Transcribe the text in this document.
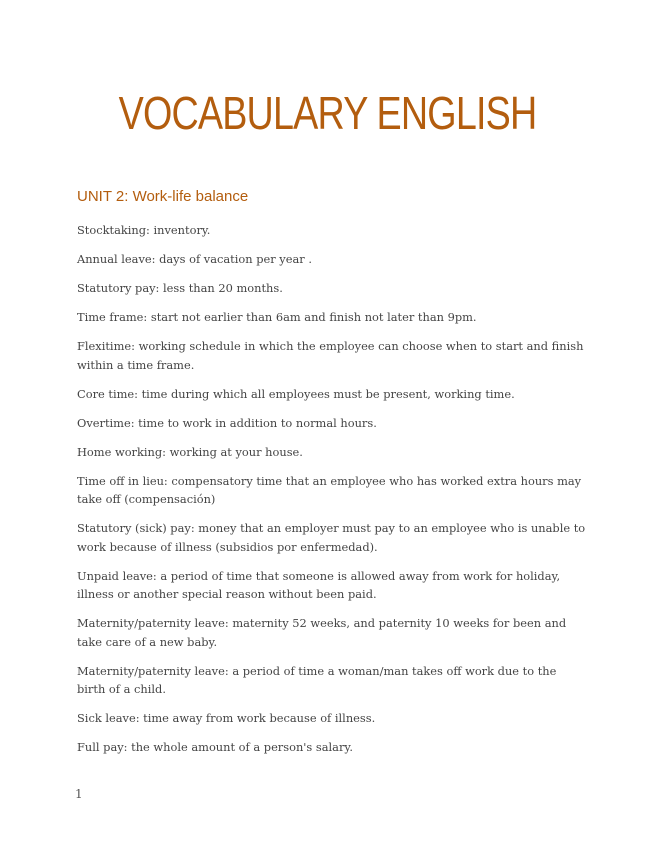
VOCABULARY ENGLISH
UNIT 2: Work-life balance
Stocktaking: inventory.
Annual leave: days of vacation per year .
Statutory pay: less than 20 months.
Time frame: start not earlier than 6am and finish not later than 9pm.
Flexitime: working schedule in which the employee can choose when to start and finish within a time frame.
Core time: time during which all employees must be present, working time.
Overtime: time to work in addition to normal hours.
Home working: working at your house.
Time off in lieu: compensatory time that an employee who has worked extra hours may take off (compensación)
Statutory (sick) pay: money that an employer must pay to an employee who is unable to work because of illness (subsidios por enfermedad).
Unpaid leave: a period of time that someone is allowed away from work for holiday, illness or another special reason without been paid.
Maternity/paternity leave: maternity 52 weeks, and paternity 10 weeks for been and take care of a new baby.
Maternity/paternity leave: a period of time a woman/man takes off work due to the birth of a child.
Sick leave: time away from work because of illness.
Full pay: the whole amount of a person's salary.
1
